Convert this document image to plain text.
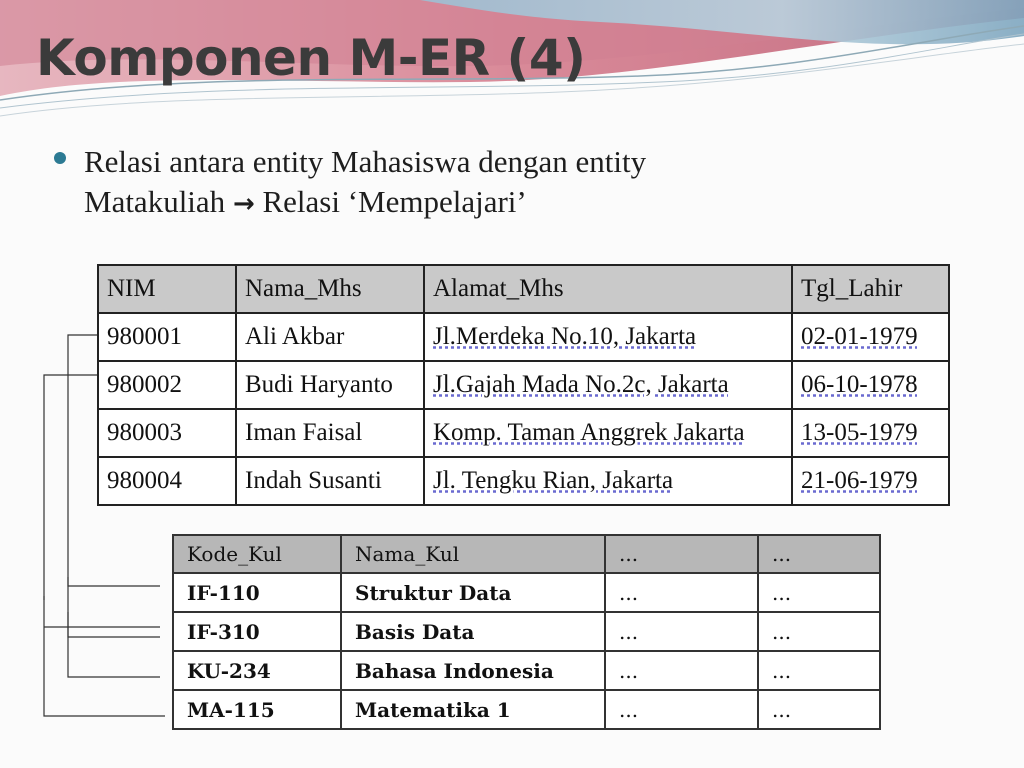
Komponen M-ER (4)
Relasi antara entity Mahasiswa dengan entity
Matakuliah → Relasi ‘Mempelajari’
NIM	Nama_Mhs	Alamat_Mhs	Tgl_Lahir
980001	Ali Akbar	Jl.Merdeka No.10, Jakarta	02-01-1979
980002	Budi Haryanto	Jl.Gajah Mada No.2c, Jakarta	06-10-1978
980003	Iman Faisal	Komp. Taman Anggrek Jakarta	13-05-1979
980004	Indah Susanti	Jl. Tengku Rian, Jakarta	21-06-1979
Kode_Kul	Nama_Kul	...	...
IF-110	Struktur Data	...	...
IF-310	Basis Data	...	...
KU-234	Bahasa Indonesia	...	...
MA-115	Matematika 1	...	...
